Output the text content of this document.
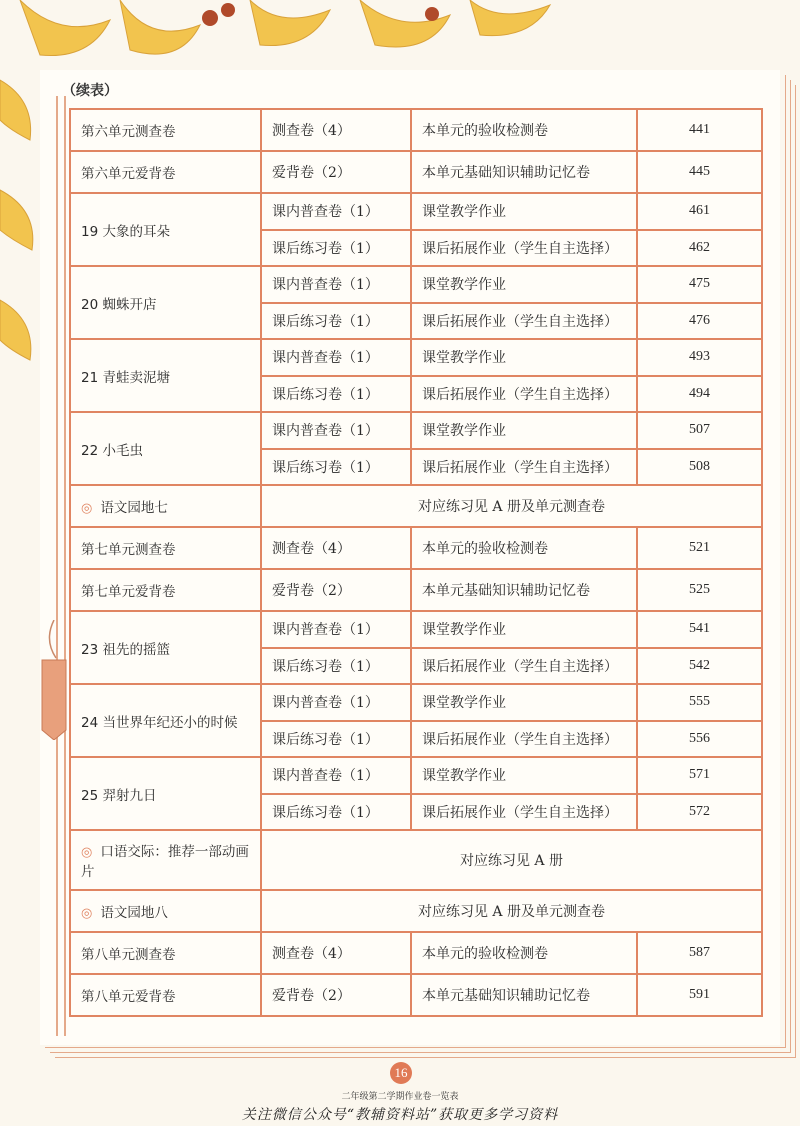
（续表）
第六单元测查卷	测查卷（4）	本单元的验收检测卷	441
第六单元爱背卷	爱背卷（2）	本单元基础知识辅助记忆卷	445
19 大象的耳朵	课内普查卷（1）	课堂教学作业	461
	课后练习卷（1）	课后拓展作业（学生自主选择）	462
20 蜘蛛开店	课内普查卷（1）	课堂教学作业	475
	课后练习卷（1）	课后拓展作业（学生自主选择）	476
21 青蛙卖泥塘	课内普查卷（1）	课堂教学作业	493
	课后练习卷（1）	课后拓展作业（学生自主选择）	494
22 小毛虫	课内普查卷（1）	课堂教学作业	507
	课后练习卷（1）	课后拓展作业（学生自主选择）	508
◎ 语文园地七	对应练习见 A 册及单元测查卷		
第七单元测查卷	测查卷（4）	本单元的验收检测卷	521
第七单元爱背卷	爱背卷（2）	本单元基础知识辅助记忆卷	525
23 祖先的摇篮	课内普查卷（1）	课堂教学作业	541
	课后练习卷（1）	课后拓展作业（学生自主选择）	542
24 当世界年纪还小的时候	课内普查卷（1）	课堂教学作业	555
	课后练习卷（1）	课后拓展作业（学生自主选择）	556
25 羿射九日	课内普查卷（1）	课堂教学作业	571
	课后练习卷（1）	课后拓展作业（学生自主选择）	572
◎ 口语交际：推荐一部动画片	对应练习见 A 册		
◎ 语文园地八	对应练习见 A 册及单元测查卷		
第八单元测查卷	测查卷（4）	本单元的验收检测卷	587
第八单元爱背卷	爱背卷（2）	本单元基础知识辅助记忆卷	591
16
二年级第二学期作业卷一览表
关注微信公众号“教辅资料站”获取更多学习资料
